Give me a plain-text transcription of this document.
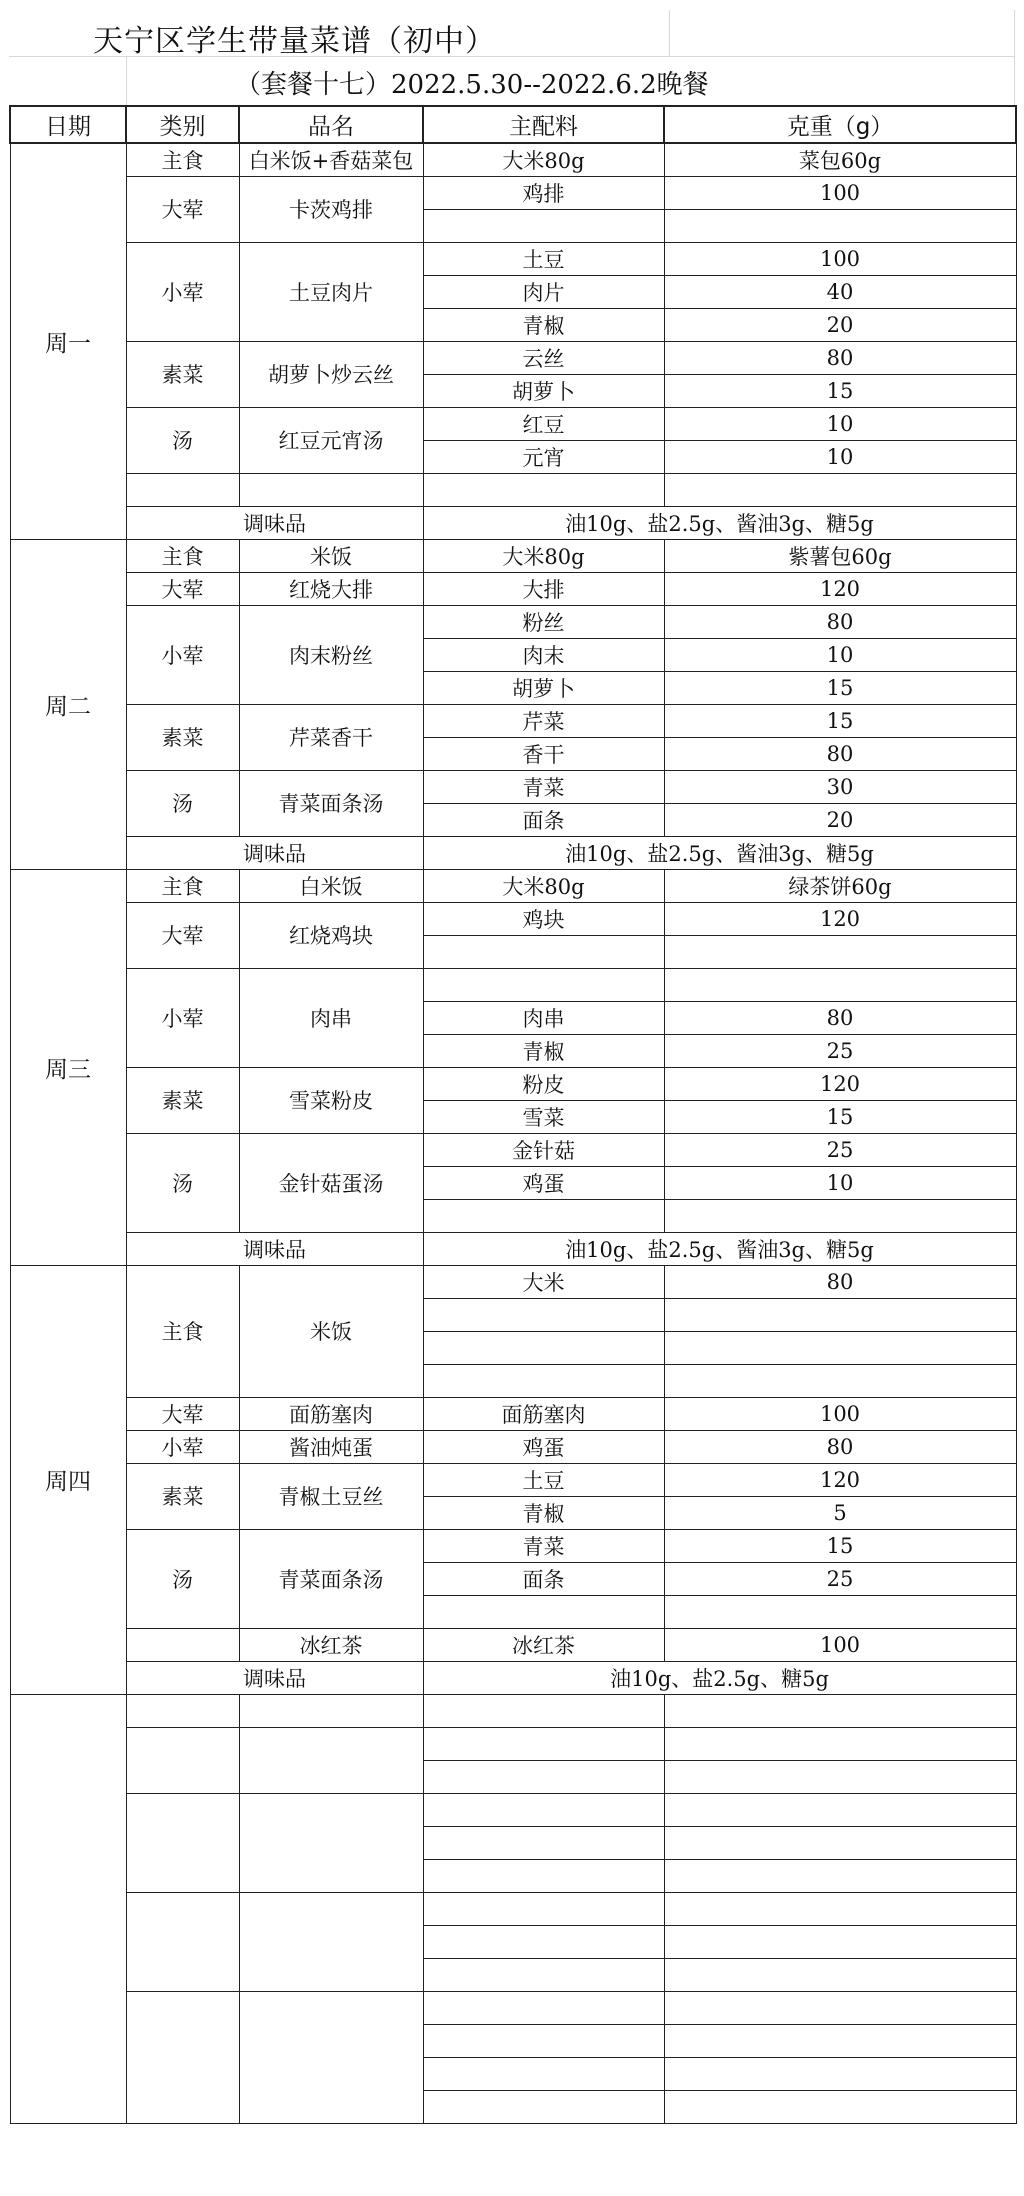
天宁区学生带量菜谱（初中）
（套餐十七）2022.5.30--2022.6.2晚餐
日期	类别	品名	主配料	克重（g）
周一	主食	白米饭+香菇菜包	大米80g	菜包60g
	大荤	卡茨鸡排	鸡排	100

	小荤	土豆肉片	土豆	100
			肉片	40
			青椒	20
	素菜	胡萝卜炒云丝	云丝	80
			胡萝卜	15
	汤	红豆元宵汤	红豆	10
			元宵	10

	调味品		油10g、盐2.5g、酱油3g、糖5g	
周二	主食	米饭	大米80g	紫薯包60g
	大荤	红烧大排	大排	120
	小荤	肉末粉丝	粉丝	80
			肉末	10
			胡萝卜	15
	素菜	芹菜香干	芹菜	15
			香干	80
	汤	青菜面条汤	青菜	30
			面条	20
	调味品		油10g、盐2.5g、酱油3g、糖5g	
周三	主食	白米饭	大米80g	绿茶饼60g
	大荤	红烧鸡块	鸡块	120

	小荤	肉串		
			肉串	80
			青椒	25
	素菜	雪菜粉皮	粉皮	120
			雪菜	15
	汤	金针菇蛋汤	金针菇	25
			鸡蛋	10

	调味品		油10g、盐2.5g、酱油3g、糖5g	
周四	主食	米饭	大米	80

	大荤	面筋塞肉	面筋塞肉	100
	小荤	酱油炖蛋	鸡蛋	80
	素菜	青椒土豆丝	土豆	120
			青椒	5
	汤	青菜面条汤	青菜	15
			面条	25

		冰红茶	冰红茶	100
	调味品		油10g、盐2.5g、糖5g	
